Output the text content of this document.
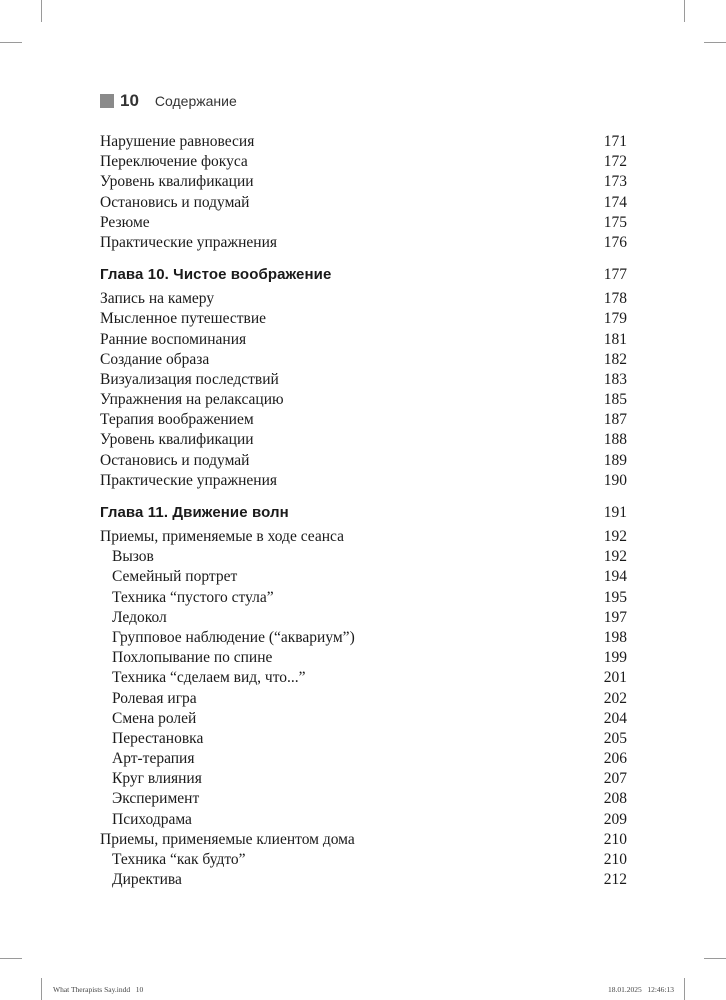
10 Содержание
Нарушение равновесия	171
Переключение фокуса	172
Уровень квалификации	173
Остановись и подумай	174
Резюме	175
Практические упражнения	176
Глава 10. Чистое воображение	177
Запись на камеру	178
Мысленное путешествие	179
Ранние воспоминания	181
Создание образа	182
Визуализация последствий	183
Упражнения на релаксацию	185
Терапия воображением	187
Уровень квалификации	188
Остановись и подумай	189
Практические упражнения	190
Глава 11. Движение волн	191
Приемы, применяемые в ходе сеанса	192
Вызов	192
Семейный портрет	194
Техника “пустого стула”	195
Ледокол	197
Групповое наблюдение (“аквариум”)	198
Похлопывание по спине	199
Техника “сделаем вид, что...”	201
Ролевая игра	202
Смена ролей	204
Перестановка	205
Арт-терапия	206
Круг влияния	207
Эксперимент	208
Психодрама	209
Приемы, применяемые клиентом дома	210
Техника “как будто”	210
Директива	212
What Therapists Say.indd   10	18.01.2025   12:46:13
